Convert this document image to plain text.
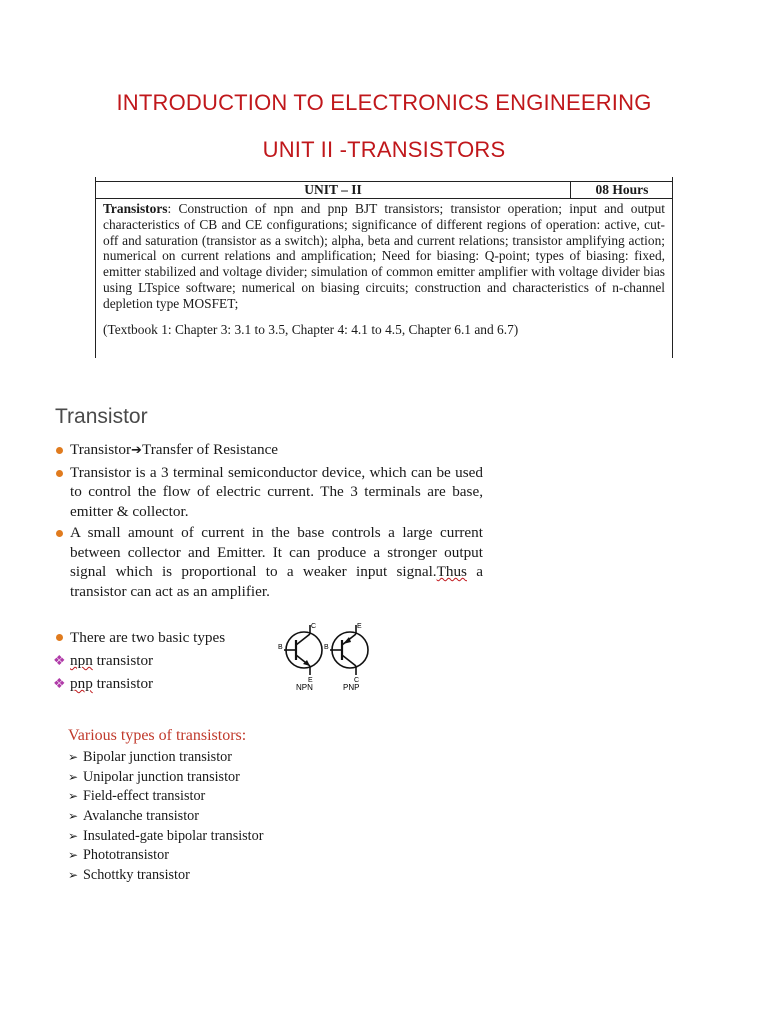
INTRODUCTION TO ELECTRONICS ENGINEERING
UNIT II -TRANSISTORS
UNIT – II	08 Hours
Transistors: Construction of npn and pnp BJT transistors; transistor operation; input and output characteristics of CB and CE configurations; significance of different regions of operation: active, cut-off and saturation (transistor as a switch); alpha, beta and current relations; transistor amplifying action; numerical on current relations and amplification; Need for biasing: Q-point; types of biasing: fixed, emitter stabilized and voltage divider; simulation of common emitter amplifier with voltage divider bias using LTspice software; numerical on biasing circuits; construction and characteristics of n-channel depletion type MOSFET;
(Textbook 1: Chapter 3: 3.1 to 3.5, Chapter 4: 4.1 to 4.5, Chapter 6.1 and 6.7)
Transistor
Transistor➔Transfer of Resistance
Transistor is a 3 terminal semiconductor device, which can be used to control the flow of electric current. The 3 terminals are base, emitter & collector.
A small amount of current in the base controls a large current between collector and Emitter. It can produce a stronger output signal which is proportional to a weaker input signal.Thus a transistor can act as an amplifier.
There are two basic types
❖ npn transistor
❖ pnp transistor
C
B
E
NPN
E
B
C
PNP
Various types of transistors:
➢ Bipolar junction transistor
➢ Unipolar junction transistor
➢ Field-effect transistor
➢ Avalanche transistor
➢ Insulated-gate bipolar transistor
➢ Phototransistor
➢ Schottky transistor
